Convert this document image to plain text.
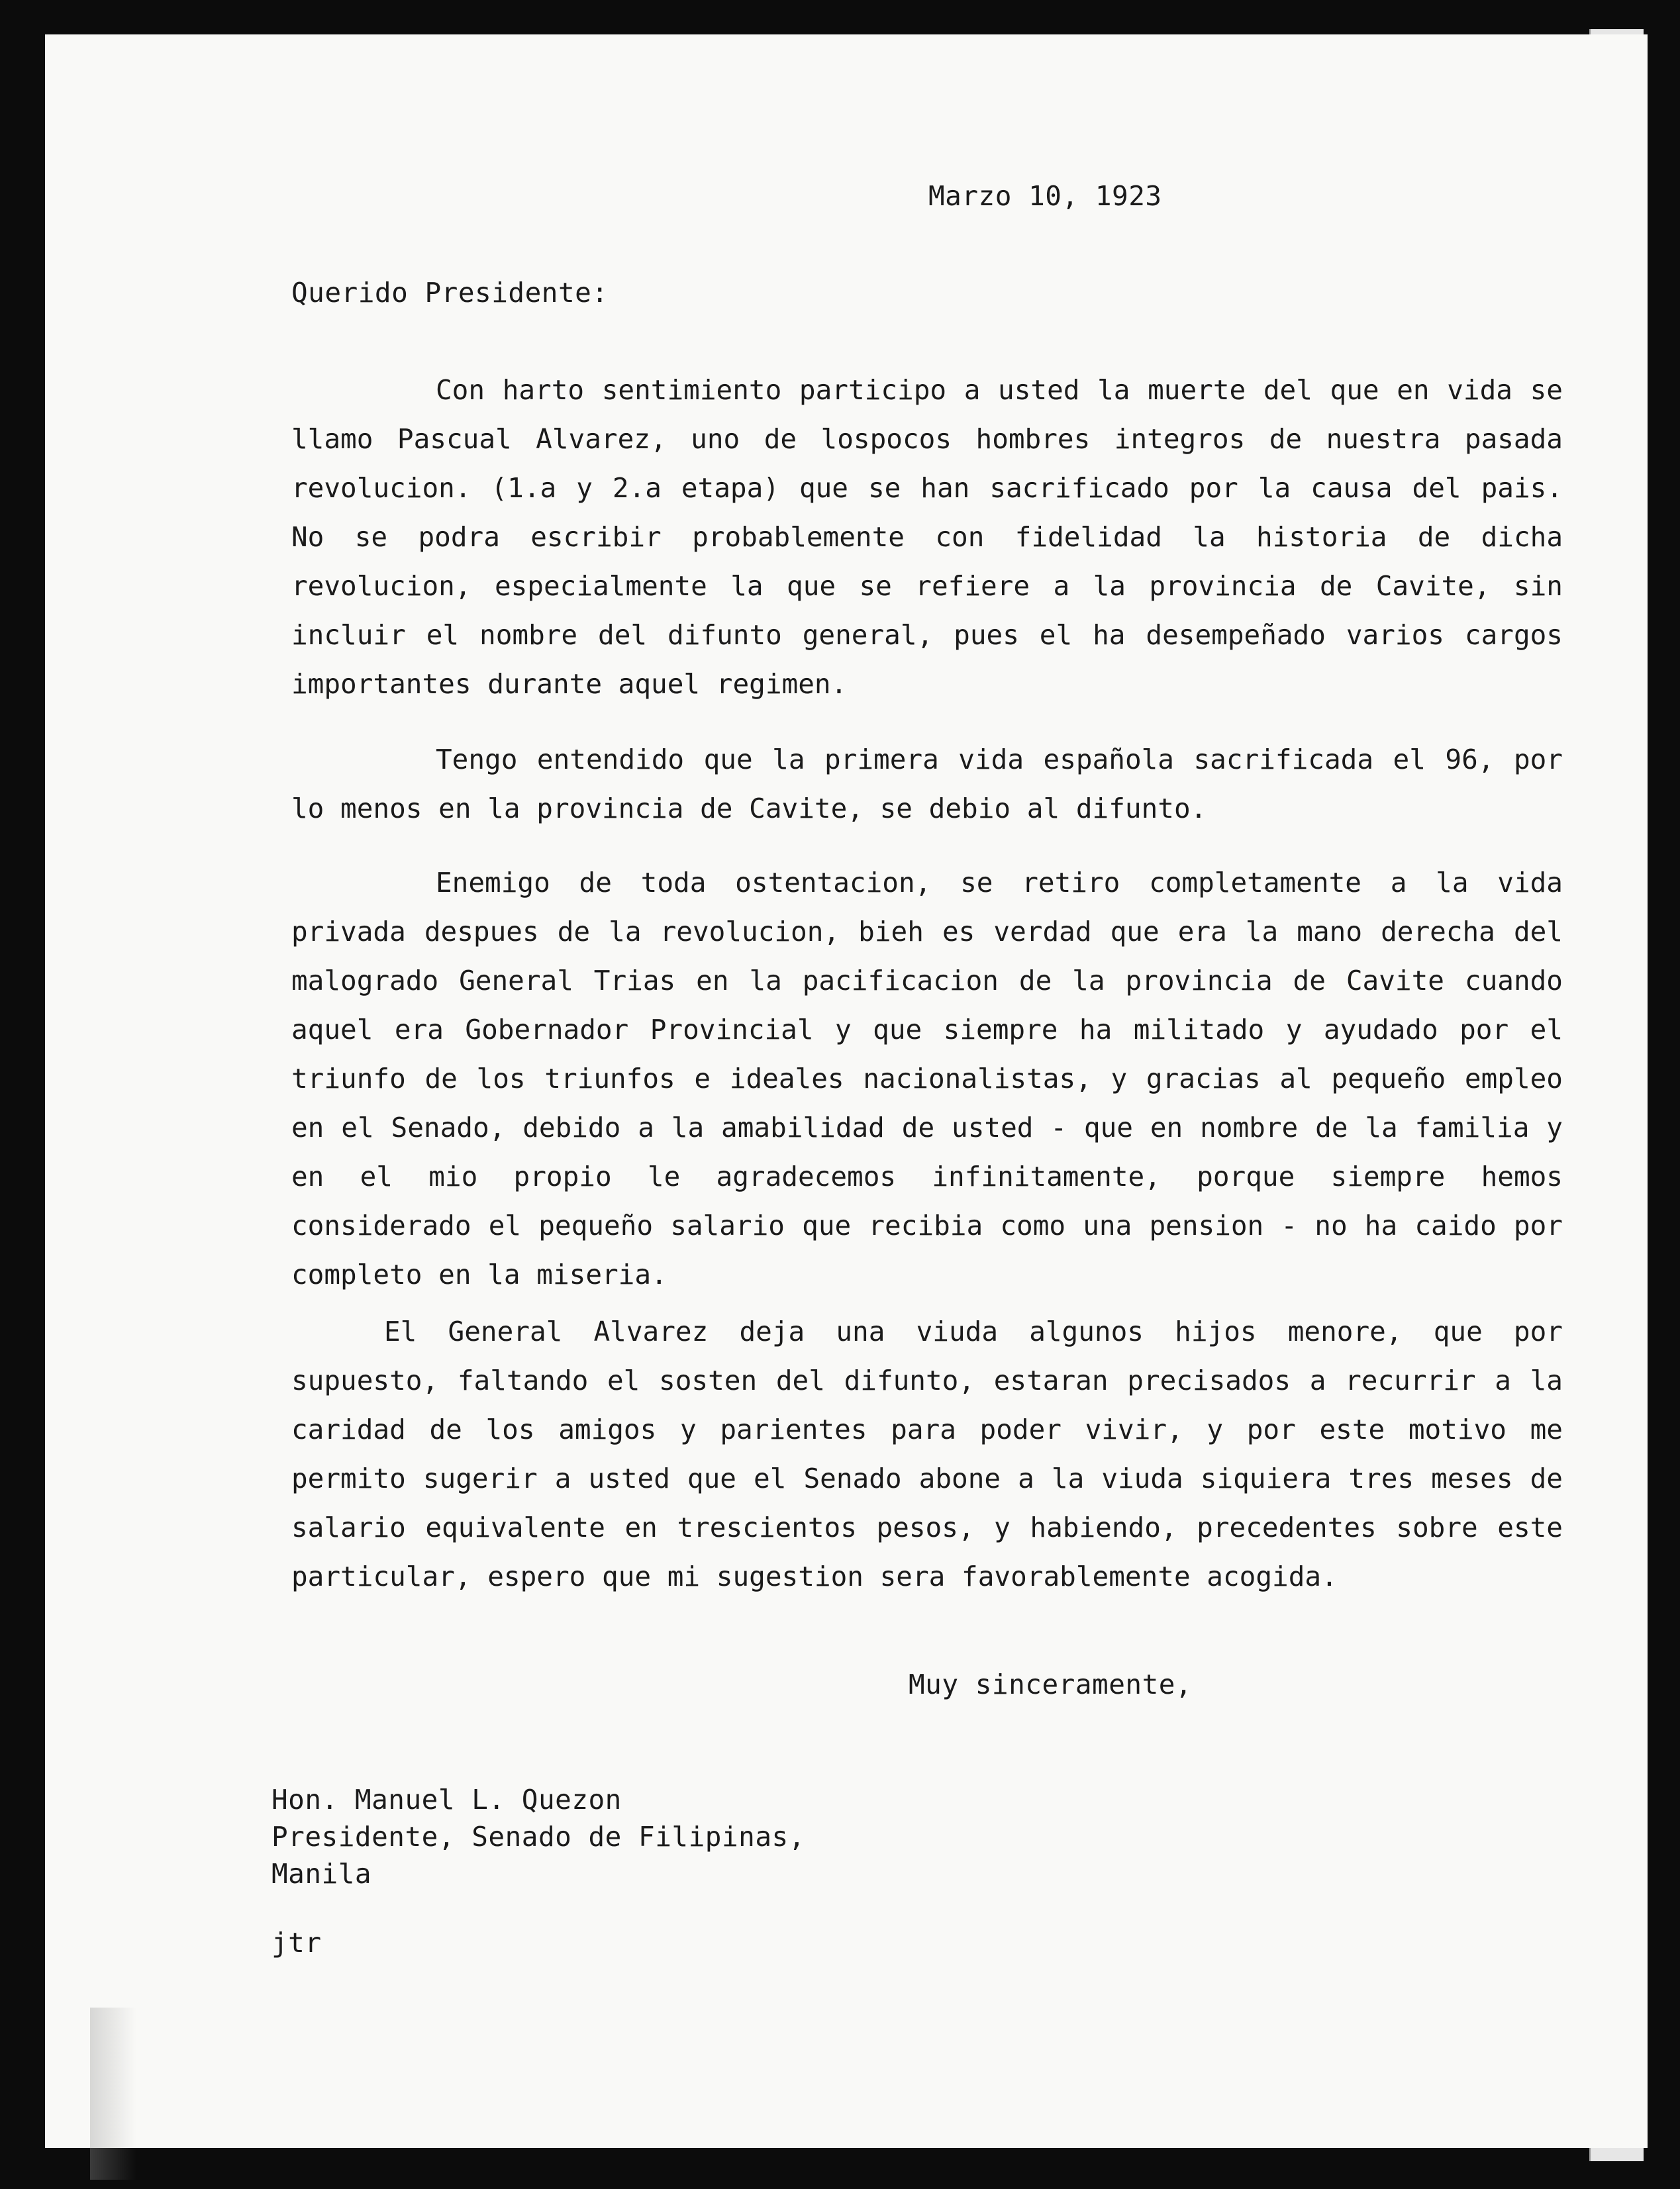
Marzo 10, 1923
Querido Presidente:

Con harto sentimiento participo a usted la muerte del que en vida se llamo Pascual Alvarez, uno de lospocos hombres integros de nuestra pasada revolucion. (1.a y 2.a etapa) que se han sacrificado por la causa del pais. No se podra escribir probablemente con fidelidad la historia de dicha revolucion, especialmente la que se refiere a la provincia de Cavite, sin incluir el nombre del difunto general, pues el ha desempeñado varios cargos importantes durante aquel regimen.

Tengo entendido que la primera vida española sacrificada el 96, por lo menos en la provincia de Cavite, se debio al difunto.

Enemigo de toda ostentacion, se retiro completamente a la vida privada despues de la revolucion, bieh es verdad que era la mano derecha del malogrado General Trias en la pacificacion de la provincia de Cavite cuando aquel era Gobernador Provincial y que siempre ha militado y ayudado por el triunfo de los triunfos e ideales nacionalistas, y gracias al pequeño empleo en el Senado, debido a la amabilidad de usted - que en nombre de la familia y en el mio propio le agradecemos infinitamente, porque siempre hemos considerado el pequeño salario que recibia como una pension - no ha caido por completo en la miseria.

El General Alvarez deja una viuda algunos hijos menore, que por supuesto, faltando el sosten del difunto, estaran precisados a recurrir a la caridad de los amigos y parientes para poder vivir, y por este motivo me permito sugerir a usted que el Senado abone a la viuda siquiera tres meses de salario equivalente en trescientos pesos, y habiendo, precedentes sobre este particular, espero que mi sugestion sera favorablemente acogida.

Muy sinceramente,
Hon. Manuel L. Quezon
Presidente, Senado de Filipinas,
Manila
jtr
